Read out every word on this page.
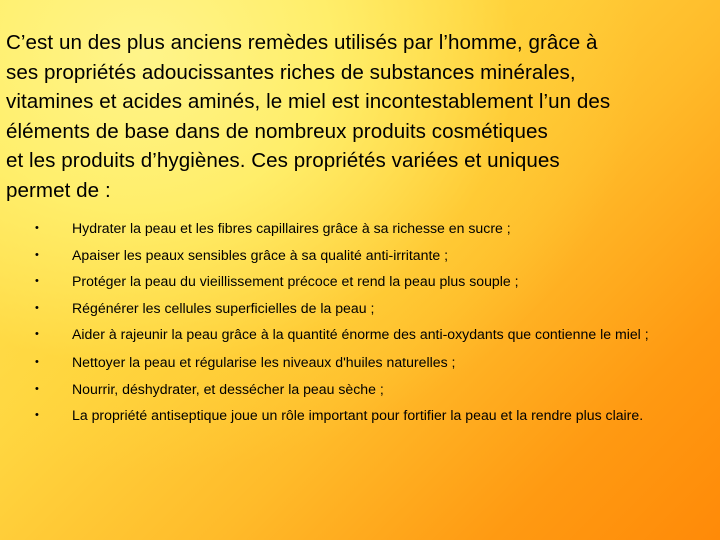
C’est un des plus anciens remèdes utilisés par l’homme, grâce à
ses propriétés adoucissantes riches de substances minérales,
vitamines et acides aminés, le miel est incontestablement l’un des
éléments de base dans de nombreux produits cosmétiques
et les produits d’hygiènes. Ces propriétés variées et uniques
permet de :

•	Hydrater la peau et les fibres capillaires grâce à sa richesse en sucre ;
•	Apaiser les peaux sensibles grâce à sa qualité anti-irritante ;
•	Protéger la peau du vieillissement précoce et rend la peau plus souple ;
•	Régénérer les cellules superficielles de la peau ;
•	Aider à rajeunir la peau grâce à la quantité énorme des anti-oxydants que contienne le miel ;
•	Nettoyer la peau et régularise les niveaux d'huiles naturelles ;
•	Nourrir, déshydrater, et dessécher la peau sèche ;
•	La propriété antiseptique joue un rôle important pour fortifier la peau et la rendre plus claire.
